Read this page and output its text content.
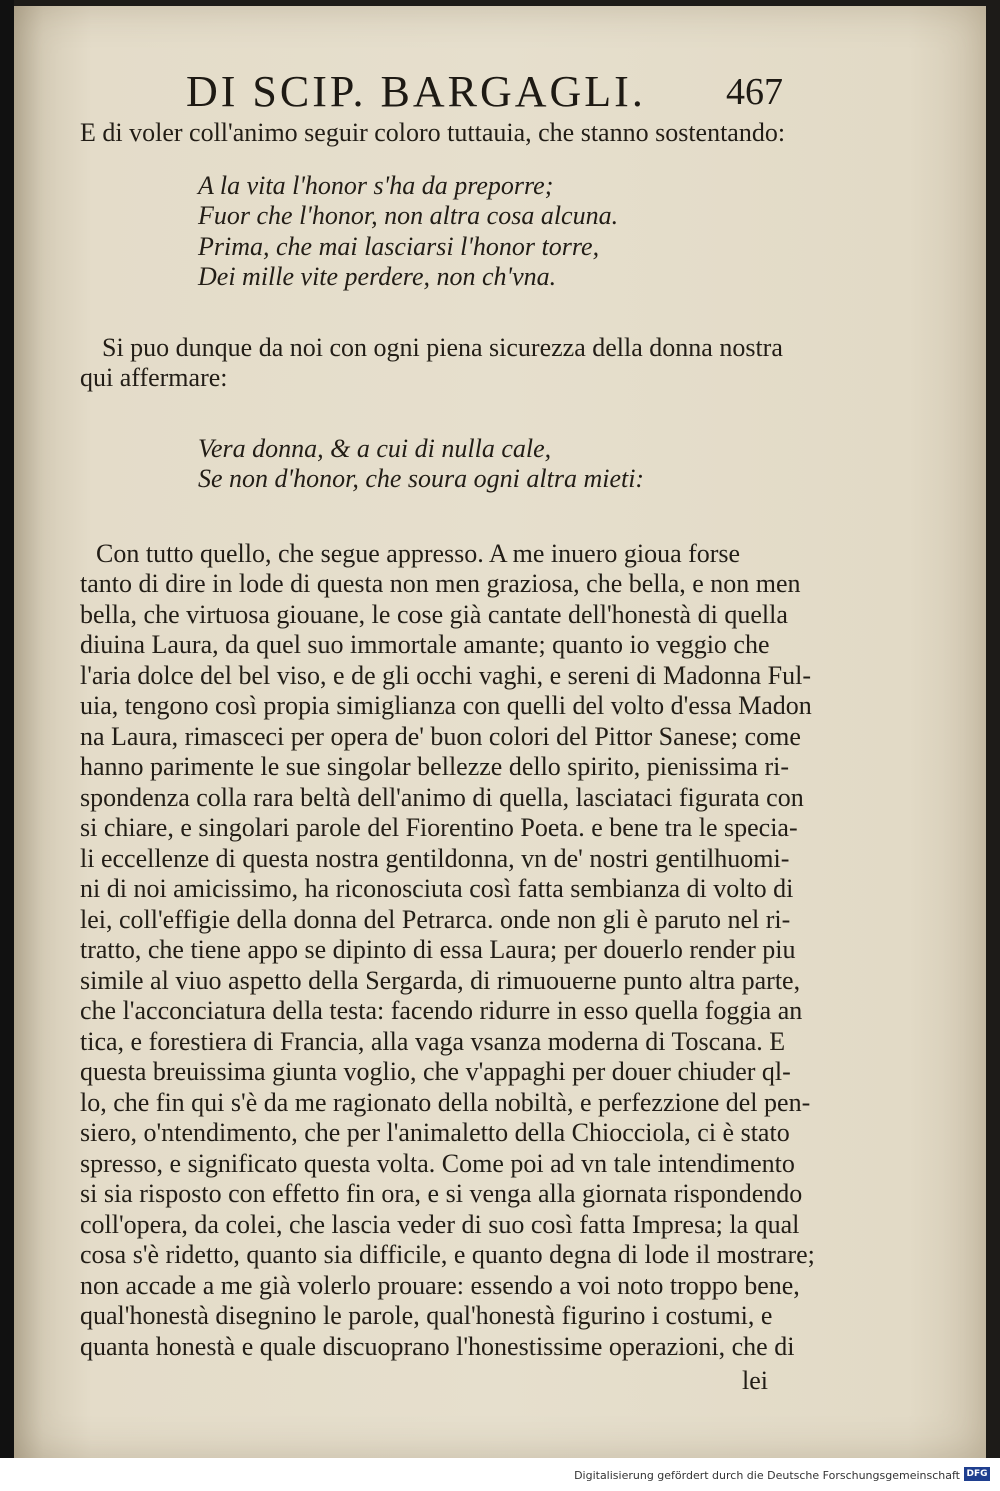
DI SCIP. BARGAGLI.	467
E di voler coll'animo seguir coloro tuttauia, che stanno sostentando:
A la vita l'honor s'ha da preporre;
Fuor che l'honor, non altra cosa alcuna.
Prima, che mai lasciarsi l'honor torre,
Dei mille vite perdere, non ch'vna.
Si puo dunque da noi con ogni piena sicurezza della donna nostra
qui affermare:
Vera donna, & a cui di nulla cale,
Se non d'honor, che soura ogni altra mieti:
Con tutto quello, che segue appresso. A me inuero gioua forse
tanto di dire in lode di questa non men graziosa, che bella, e non men
bella, che virtuosa giouane, le cose già cantate dell'honestà di quella
diuina Laura, da quel suo immortale amante; quanto io veggio che
l'aria dolce del bel viso, e de gli occhi vaghi, e sereni di Madonna Ful-
uia, tengono così propia simiglianza con quelli del volto d'essa Madon
na Laura, rimasceci per opera de' buon colori del Pittor Sanese; come
hanno parimente le sue singolar bellezze dello spirito, pienissima ri-
spondenza colla rara beltà dell'animo di quella, lasciataci figurata con
si chiare, e singolari parole del Fiorentino Poeta. e bene tra le specia-
li eccellenze di questa nostra gentildonna, vn de' nostri gentilhuomi-
ni di noi amicissimo, ha riconosciuta così fatta sembianza di volto di
lei, coll'effigie della donna del Petrarca. onde non gli è paruto nel ri-
tratto, che tiene appo se dipinto di essa Laura; per douerlo render piu
simile al viuo aspetto della Sergarda, di rimuouerne punto altra parte,
che l'acconciatura della testa: facendo ridurre in esso quella foggia an
tica, e forestiera di Francia, alla vaga vsanza moderna di Toscana. E
questa breuissima giunta voglio, che v'appaghi per douer chiuder ql-
lo, che fin qui s'è da me ragionato della nobiltà, e perfezzione del pen-
siero, o'ntendimento, che per l'animaletto della Chiocciola, ci è stato
spresso, e significato questa volta. Come poi ad vn tale intendimento
si sia risposto con effetto fin ora, e si venga alla giornata rispondendo
coll'opera, da colei, che lascia veder di suo così fatta Impresa; la qual
cosa s'è ridetto, quanto sia difficile, e quanto degna di lode il mostrare;
non accade a me già volerlo prouare: essendo a voi noto troppo bene,
qual'honestà disegnino le parole, qual'honestà figurino i costumi, e
quanta honestà e quale discuoprano l'honestissime operazioni, che di
lei
Digitalisierung gefördert durch die Deutsche Forschungsgemeinschaft DFG
